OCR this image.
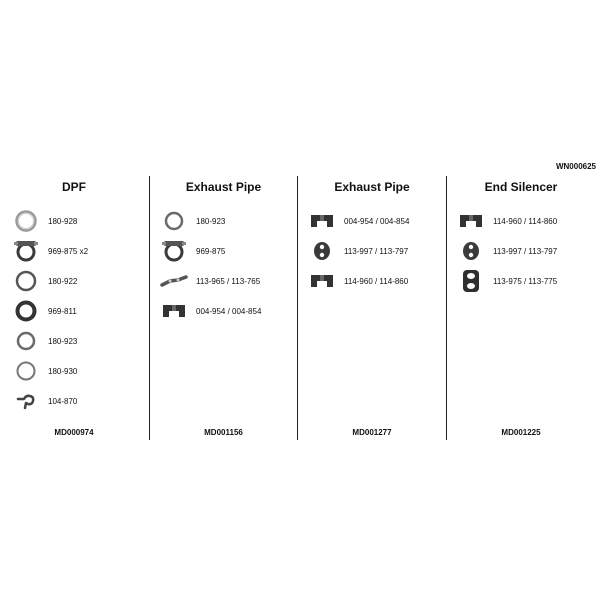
WN000625
DPF
180-928
969-875 x2
180-922
969-811
180-923
180-930
104-870
MD000974
Exhaust Pipe
180-923
969-875
113-965 / 113-765
004-954 / 004-854
MD001156
Exhaust Pipe
004-954 / 004-854
113-997 / 113-797
114-960 / 114-860
MD001277
End Silencer
114-960 / 114-860
113-997 / 113-797
113-975 / 113-775
MD001225
